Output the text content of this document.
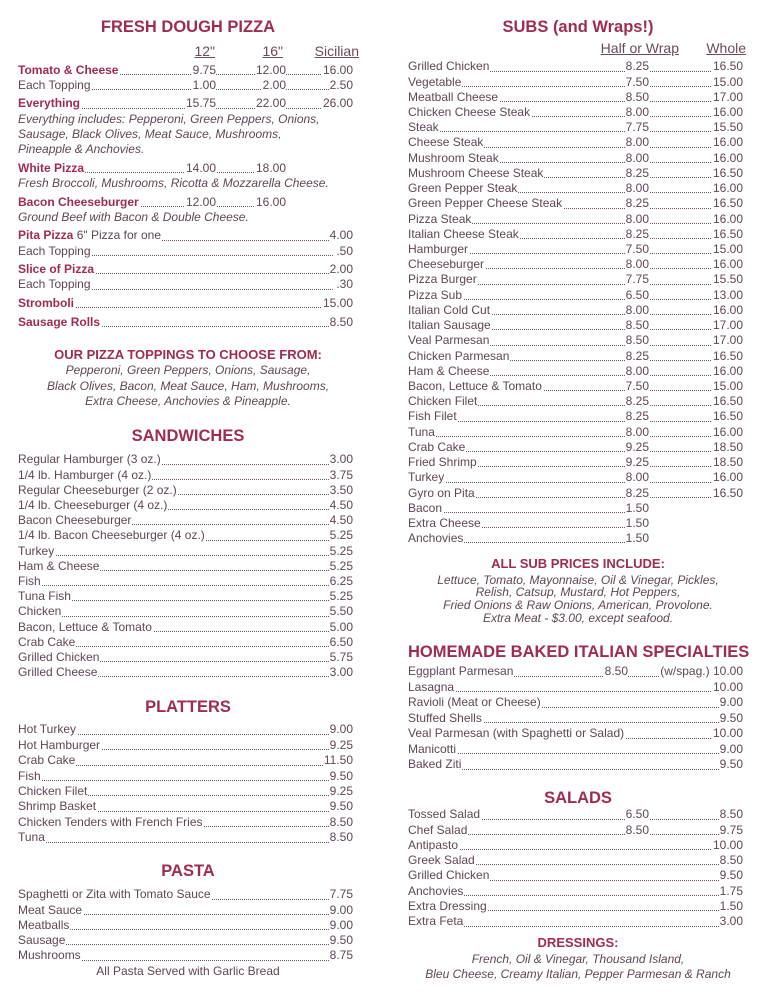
FRESH DOUGH PIZZA
12"	16" Sicilian
Tomato & Cheese	9.75	12.00	16.00
Each Topping	1.00	2.00	2.50
Everything	15.75	22.00	26.00
Everything includes: Pepperoni, Green Peppers, Onions,
Sausage, Black Olives, Meat Sauce, Mushrooms,
Pineapple & Anchovies.
White Pizza	14.00	18.00
Fresh Broccoli, Mushrooms, Ricotta & Mozzarella Cheese.
Bacon Cheeseburger	12.00	16.00
Ground Beef with Bacon & Double Cheese.
Pita Pizza 6" Pizza for one	4.00
Each Topping	.50
Slice of Pizza	2.00
Each Topping	.30
Stromboli	15.00
Sausage Rolls	8.50
OUR PIZZA TOPPINGS TO CHOOSE FROM:
Pepperoni, Green Peppers, Onions, Sausage,
Black Olives, Bacon, Meat Sauce, Ham, Mushrooms,
Extra Cheese, Anchovies & Pineapple.
SANDWICHES
Regular Hamburger (3 oz.)	3.00
1/4 lb. Hamburger (4 oz.)	3.75
Regular Cheeseburger (2 oz.)	3.50
1/4 lb. Cheeseburger (4 oz.)	4.50
Bacon Cheeseburger	4.50
1/4 lb. Bacon Cheeseburger (4 oz.)	5.25
Turkey	5.25
Ham & Cheese	5.25
Fish	6.25
Tuna Fish	5.25
Chicken	5.50
Bacon, Lettuce & Tomato	5.00
Crab Cake	6.50
Grilled Chicken	5.75
Grilled Cheese	3.00
PLATTERS
Hot Turkey	9.00
Hot Hamburger	9.25
Crab Cake	11.50
Fish	9.50
Chicken Filet	9.25
Shrimp Basket	9.50
Chicken Tenders with French Fries	8.50
Tuna	8.50
PASTA
Spaghetti or Zita with Tomato Sauce	7.75
Meat Sauce	9.00
Meatballs	9.00
Sausage	9.50
Mushrooms	8.75
All Pasta Served with Garlic Bread
SUBS (and Wraps!)
Half or Wrap Whole
Grilled Chicken	8.25	16.50
Vegetable	7.50	15.00
Meatball Cheese	8.50	17.00
Chicken Cheese Steak	8.00	16.00
Steak	7.75	15.50
Cheese Steak	8.00	16.00
Mushroom Steak	8.00	16.00
Mushroom Cheese Steak	8.25	16.50
Green Pepper Steak	8.00	16.00
Green Pepper Cheese Steak	8.25	16.50
Pizza Steak	8.00	16.00
Italian Cheese Steak	8.25	16.50
Hamburger	7.50	15.00
Cheeseburger	8.00	16.00
Pizza Burger	7.75	15.50
Pizza Sub	6.50	13.00
Italian Cold Cut	8.00	16.00
Italian Sausage	8.50	17.00
Veal Parmesan	8.50	17.00
Chicken Parmesan	8.25	16.50
Ham & Cheese	8.00	16.00
Bacon, Lettuce & Tomato	7.50	15.00
Chicken Filet	8.25	16.50
Fish Filet	8.25	16.50
Tuna	8.00	16.00
Crab Cake	9.25	18.50
Fried Shrimp	9.25	18.50
Turkey	8.00	16.00
Gyro on Pita	8.25	16.50
Bacon	1.50
Extra Cheese	1.50
Anchovies	1.50
ALL SUB PRICES INCLUDE:
Lettuce, Tomato, Mayonnaise, Oil & Vinegar, Pickles,
Relish, Catsup, Mustard, Hot Peppers,
Fried Onions & Raw Onions, American, Provolone.
Extra Meat - $3.00, except seafood.
HOMEMADE BAKED ITALIAN SPECIALTIES
Eggplant Parmesan	8.50	(w/spag.) 10.00
Lasagna	10.00
Ravioli (Meat or Cheese)	9.00
Stuffed Shells	9.50
Veal Parmesan (with Spaghetti or Salad)	10.00
Manicotti	9.00
Baked Ziti	9.50
SALADS
Tossed Salad	6.50	8.50
Chef Salad	8.50	9.75
Antipasto	10.00
Greek Salad	8.50
Grilled Chicken	9.50
Anchovies	1.75
Extra Dressing	1.50
Extra Feta	3.00
DRESSINGS:
French, Oil & Vinegar, Thousand Island,
Bleu Cheese, Creamy Italian, Pepper Parmesan & Ranch
